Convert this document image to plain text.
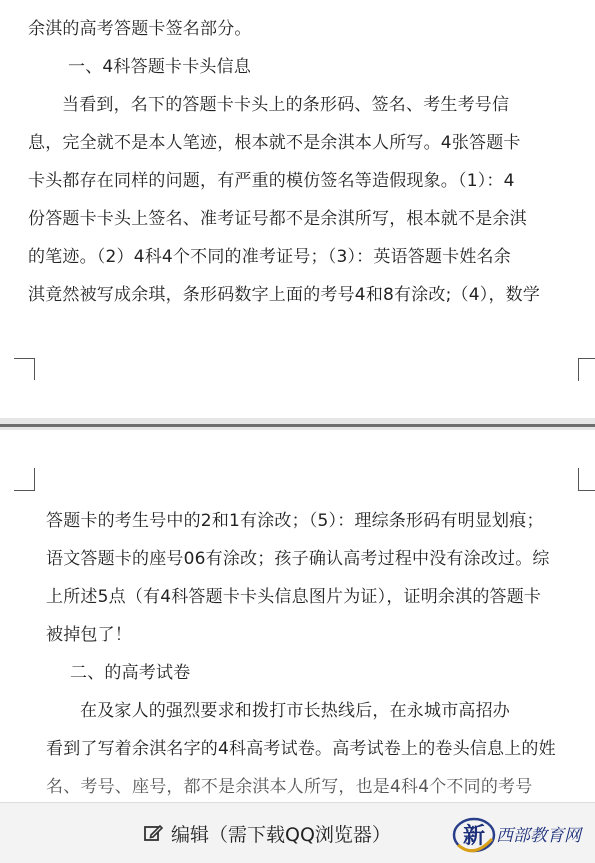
余淇的高考答题卡签名部分。
一、4科答题卡卡头信息
当看到，名下的答题卡卡头上的条形码、签名、考生考号信
息，完全就不是本人笔迹，根本就不是余淇本人所写。4张答题卡
卡头都存在同样的问题，有严重的模仿签名等造假现象。（1）：4
份答题卡卡头上签名、准考证号都不是余淇所写，根本就不是余淇
的笔迹。（2）4科4个不同的准考证号；（3）：英语答题卡姓名余
淇竟然被写成余琪，条形码数字上面的考号4和8有涂改;（4），数学
答题卡的考生号中的2和1有涂改；（5）：理综条形码有明显划痕；
语文答题卡的座号06有涂改；孩子确认高考过程中没有涂改过。综
上所述5点（有4科答题卡卡头信息图片为证），证明余淇的答题卡
被掉包了！
二、的高考试卷
在及家人的强烈要求和拨打市长热线后，在永城市高招办
看到了写着余淇名字的4科高考试卷。高考试卷上的卷头信息上的姓
名、考号、座号，都不是余淇本人所写，也是4科4个不同的考号
编辑（需下载QQ浏览器）	新 西部教育网
